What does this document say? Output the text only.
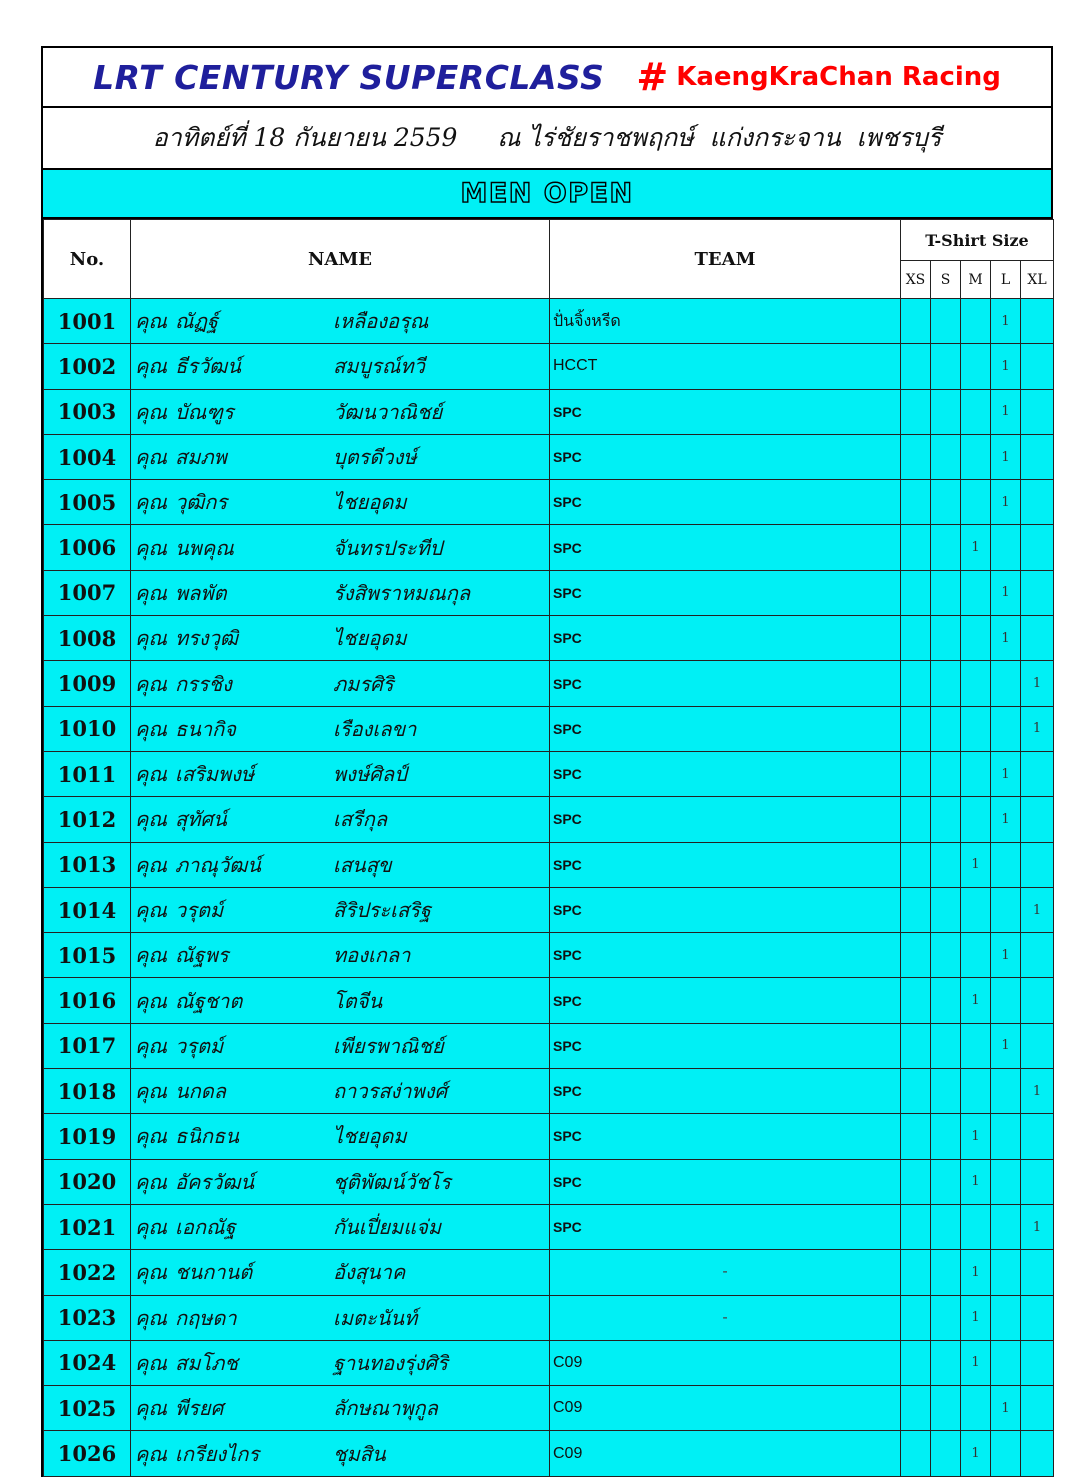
LRT CENTURY SUPERCLASS # KaengKraChan Racing
อาทิตย์ที่ 18 กันยายน 2559     ณ ไร่ชัยราชพฤกษ์  แก่งกระจาน  เพชรบุรี
MEN OPEN
No.	NAME	TEAM	T-Shirt Size				
			XS	S	M	L	XL
1001	คุณ ณัฏฐ์ เหลืองอรุณ	ปั่นจิ้งหรีด				1	
1002	คุณ ธีรวัฒน์ สมบูรณ์ทวี	HCCT				1	
1003	คุณ บัณฑูร วัฒนวาณิชย์	SPC				1	
1004	คุณ สมภพ บุตรดีวงษ์	SPC				1	
1005	คุณ วุฒิกร ไชยอุดม	SPC				1	
1006	คุณ นพคุณ จันทรประทีป	SPC			1		
1007	คุณ พลพัต รังสิพราหมณกุล	SPC				1	
1008	คุณ ทรงวุฒิ ไชยอุดม	SPC				1	
1009	คุณ กรรชิง ภมรศิริ	SPC					1
1010	คุณ ธนากิจ เรืองเลขา	SPC					1
1011	คุณ เสริมพงษ์ พงษ์ศิลป์	SPC				1	
1012	คุณ สุทัศน์ เสรีกุล	SPC				1	
1013	คุณ ภาณุวัฒน์ เสนสุข	SPC			1		
1014	คุณ วรุตม์ สิริประเสริฐ	SPC					1
1015	คุณ ณัฐพร ทองเกลา	SPC				1	
1016	คุณ ณัฐชาต โตจีน	SPC			1		
1017	คุณ วรุตม์ เพียรพาณิชย์	SPC				1	
1018	คุณ นกดล ถาวรสง่าพงศ์	SPC					1
1019	คุณ ธนิกธน ไชยอุดม	SPC			1		
1020	คุณ อัครวัฒน์ ชุติพัฒน์วัชโร	SPC			1		
1021	คุณ เอกณัฐ กันเปี่ยมแจ่ม	SPC					1
1022	คุณ ชนกานต์ อังสุนาค	-			1		
1023	คุณ กฤษดา เมตะนันท์	-			1		
1024	คุณ สมโภช ฐานทองรุ่งศิริ	C09			1		
1025	คุณ พีรยศ ลักษณาพุกูล	C09				1	
1026	คุณ เกรียงไกร ชุมสิน	C09			1		
